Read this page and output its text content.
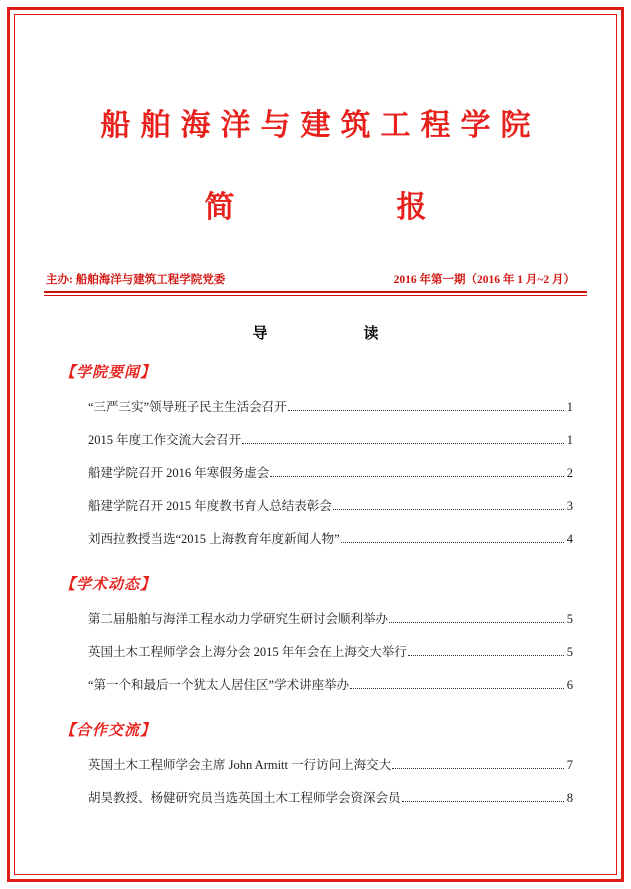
船舶海洋与建筑工程学院
简　　报
主办: 船舶海洋与建筑工程学院党委	2016 年第一期（2016 年 1 月~2 月）
导　　读
【学院要闻】
“三严三实”领导班子民主生活会召开	1
2015 年度工作交流大会召开	1
船建学院召开 2016 年寒假务虚会	2
船建学院召开 2015 年度教书育人总结表彰会	3
刘西拉教授当选“2015 上海教育年度新闻人物”	4
【学术动态】
第二届船舶与海洋工程水动力学研究生研讨会顺利举办	5
英国土木工程师学会上海分会 2015 年年会在上海交大举行	5
“第一个和最后一个犹太人居住区”学术讲座举办	6
【合作交流】
英国土木工程师学会主席 John Armitt 一行访问上海交大	7
胡昊教授、杨健研究员当选英国土木工程师学会资深会员	8
